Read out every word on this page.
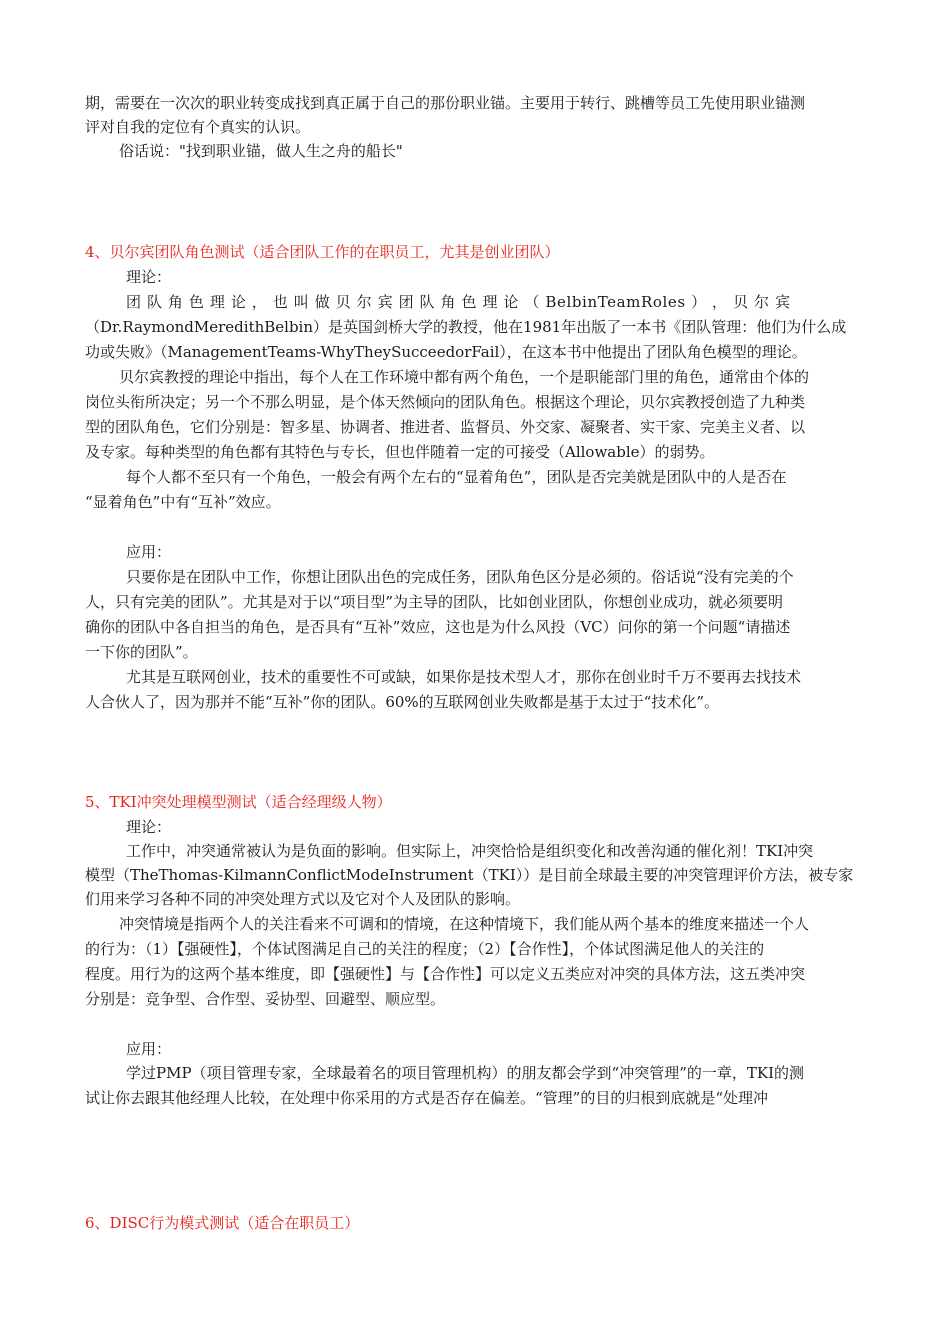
期，需要在一次次的职业转变成找到真正属于自己的那份职业锚。主要用于转行、跳槽等员工先使用职业锚测

评对自我的定位有个真实的认识。

俗话说："找到职业锚，做人生之舟的船长"

4、贝尔宾团队角色测试（适合团队工作的在职员工，尤其是创业团队）

理论：

团 队 角 色 理 论 ， 也 叫 做 贝 尔 宾 团 队 角 色 理 论 （ BelbinTeamRoles ） ， 贝 尔 宾

（Dr.RaymondMeredithBelbin）是英国剑桥大学的教授，他在1981年出版了一本书《团队管理：他们为什么成

功或失败》（ManagementTeams-WhyTheySucceedorFail），在这本书中他提出了团队角色模型的理论。

贝尔宾教授的理论中指出，每个人在工作环境中都有两个角色，一个是职能部门里的角色，通常由个体的

岗位头衔所决定；另一个不那么明显，是个体天然倾向的团队角色。根据这个理论，贝尔宾教授创造了九种类

型的团队角色，它们分别是：智多星、协调者、推进者、监督员、外交家、凝聚者、实干家、完美主义者、以

及专家。每种类型的角色都有其特色与专长，但也伴随着一定的可接受（Allowable）的弱势。

每个人都不至只有一个角色，一般会有两个左右的“显着角色”，团队是否完美就是团队中的人是否在

“显着角色”中有“互补”效应。

应用：

只要你是在团队中工作，你想让团队出色的完成任务，团队角色区分是必须的。俗话说“没有完美的个

人，只有完美的团队”。尤其是对于以“项目型”为主导的团队，比如创业团队，你想创业成功，就必须要明

确你的团队中各自担当的角色，是否具有“互补”效应，这也是为什么风投（VC）问你的第一个问题“请描述

一下你的团队”。

尤其是互联网创业，技术的重要性不可或缺，如果你是技术型人才，那你在创业时千万不要再去找技术

人合伙人了，因为那并不能“互补”你的团队。60%的互联网创业失败都是基于太过于“技术化”。

5、TKI冲突处理模型测试（适合经理级人物）

理论：

工作中，冲突通常被认为是负面的影响。但实际上，冲突恰恰是组织变化和改善沟通的催化剂！TKI冲突

模型（TheThomas-KilmannConflictModeInstrument（TKI））是目前全球最主要的冲突管理评价方法，被专家

们用来学习各种不同的冲突处理方式以及它对个人及团队的影响。

冲突情境是指两个人的关注看来不可调和的情境，在这种情境下，我们能从两个基本的维度来描述一个人

的行为：（1）【强硬性】，个体试图满足自己的关注的程度；（2）【合作性】，个体试图满足他人的关注的

程度。用行为的这两个基本维度，即【强硬性】与【合作性】可以定义五类应对冲突的具体方法，这五类冲突

分别是：竞争型、合作型、妥协型、回避型、顺应型。

应用：

学过PMP（项目管理专家，全球最着名的项目管理机构）的朋友都会学到“冲突管理”的一章，TKI的测

试让你去跟其他经理人比较，在处理中你采用的方式是否存在偏差。“管理”的目的归根到底就是“处理冲

6、DISC行为模式测试（适合在职员工）
